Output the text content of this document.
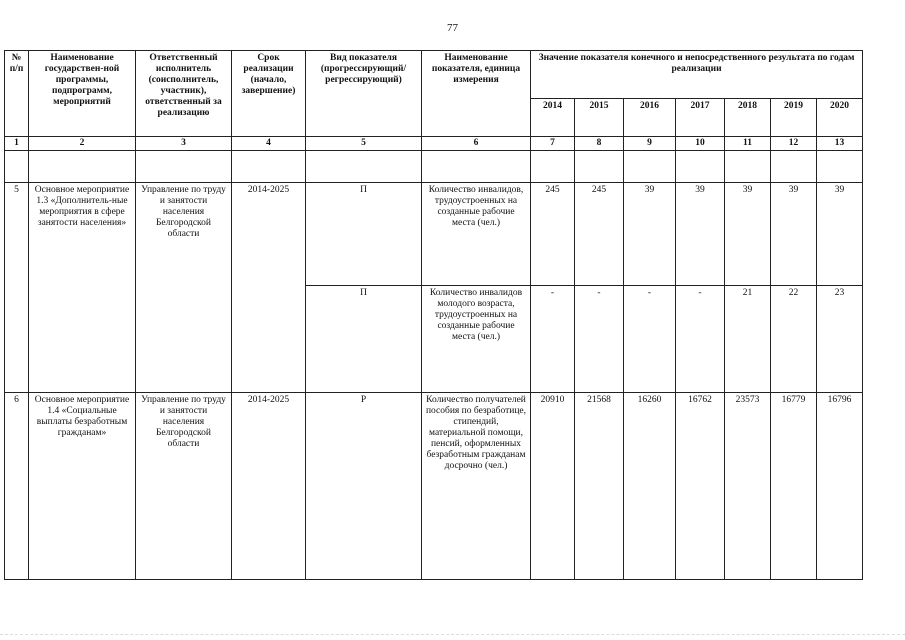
77
№ п/п	Наименование государствен-ной программы, подпрограмм, мероприятий	Ответственный исполнитель (соисполнитель, участник), ответственный за реализацию	Срок реализации (начало, завершение)	Вид показателя (прогрессирующий/ регрессирующий)	Наименование показателя, единица измерения	Значение показателя конечного и непосредственного результата по годам реализации						
						2014	2015	2016	2017	2018	2019	2020
1	2	3	4	5	6	7	8	9	10	11	12	13

5	Основное мероприятие 1.3 «Дополнитель-ные мероприятия в сфере занятости населения»	Управление по труду и занятости населения Белгородской области	2014-2025	П	Количество инвалидов, трудоустроенных на созданные рабочие места (чел.)	245	245	39	39	39	39	39
				П	Количество инвалидов молодого возраста, трудоустроенных на созданные рабочие места (чел.)	-	-	-	-	21	22	23
6	Основное мероприятие 1.4 «Социальные выплаты безработным гражданам»	Управление по труду и занятости населения Белгородской области	2014-2025	Р	Количество получателей пособия по безработице, стипендий, материальной помощи, пенсий, оформленных безработным гражданам досрочно (чел.)	20910	21568	16260	16762	23573	16779	16796
